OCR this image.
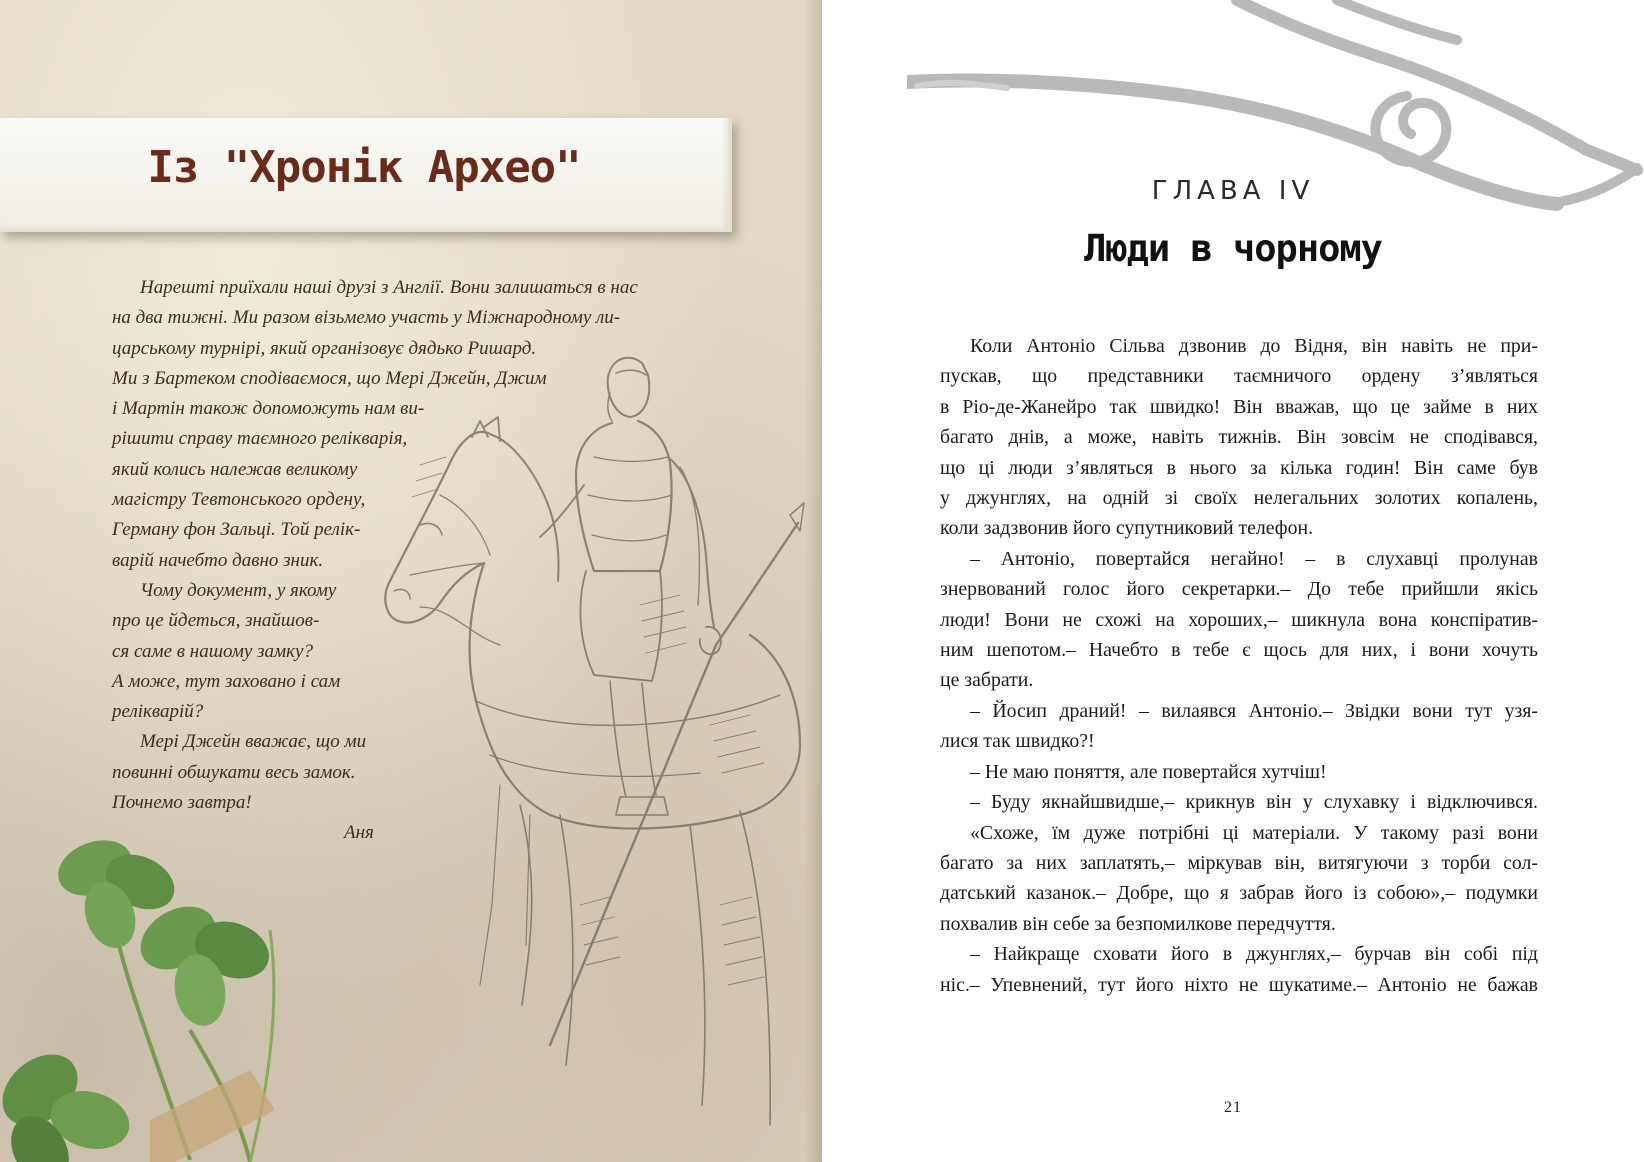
Із "Хронік Археο"
Нарешті приїхали наші друзі з Англії. Вони залишаться в нас
на два тижні. Ми разом візьмемо участь у Міжнародному ли-
царському турнірі, який організовує дядько Ришард.
Ми з Бартеком сподіваємося, що Мері Джейн, Джим
і Мартін також допоможуть нам ви-
рішити справу таємного релікварія,
який колись належав великому
магістру Тевтонського ордену,
Герману фон Зальці. Той релік-
варій начебто давно зник.
Чому документ, у якому
про це йдеться, знайшов-
ся саме в нашому замку?
А може, тут заховано і сам
релікварій?
Мері Джейн вважає, що ми
повинні обшукати весь замок.
Почнемо завтра!
Аня
ГЛАВА IV
Люди в чорному
Коли Антоніо Сільва дзвонив до Відня, він навіть не при-
пускав, що представники таємничого ордену з’являться
в Ріо-де-Жанейро так швидко! Він вважав, що це займе в них
багато днів, а може, навіть тижнів. Він зовсім не сподівався,
що ці люди з’являться в нього за кілька годин! Він саме був
у джунглях, на одній зі своїх нелегальних золотих копалень,
коли задзвонив його супутниковий телефон.
– Антоніо, повертайся негайно! – в слухавці пролунав
знервований голос його секретарки.– До тебе прийшли якісь
люди! Вони не схожі на хороших,– шикнула вона конспіратив-
ним шепотом.– Начебто в тебе є щось для них, і вони хочуть
це забрати.
– Йосип драний! – вилаявся Антоніо.– Звідки вони тут узя-
лися так швидко?!
– Не маю поняття, але повертайся хутчіш!
– Буду якнайшвидше,– крикнув він у слухавку і відключився.
«Схоже, їм дуже потрібні ці матеріали. У такому разі вони
багато за них заплатять,– міркував він, витягуючи з торби сол-
датський казанок.– Добре, що я забрав його із собою»,– подумки
похвалив він себе за безпомилкове передчуття.
– Найкраще сховати його в джунглях,– бурчав він собі під
ніс.– Упевнений, тут його ніхто не шукатиме.– Антоніо не бажав
21
